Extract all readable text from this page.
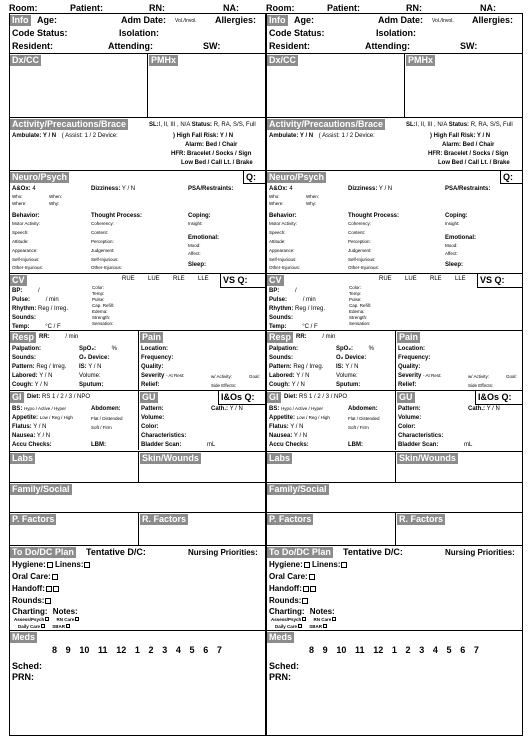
Room:	Patient:	RN:	NA:
Info Age:	Adm Date: Vol./Invol. Allergies:
Code Status:	Isolation:
Resident:	Attending:	SW:
Dx/CC	PMHx
Activity/Precautions/Brace	SL:I, II, III , N/A Status: R, RA, S/S, Full
Ambulate: Y / N ( Assist: 1 / 2 Device:	) High Fall Risk: Y / N
Alarm: Bed / Chair
HFR: Bracelet / Socks / Sign
Low Bed / Call Lt. / Brake
Neuro/Psych	Q:
A&Ox: 4
Who:	When:
Where:	Why:
Dizziness: Y / N	PSA/Restraints:
Behavior:
Motor Activity:
Speech:
Attitude:
Appearance:
Self-Injurious:
Other-Injurious:
Thought Process:
Coherency:
Content:
Perception:
Judgement:
Self-Injurious:
Other-Injurious:
Coping:
Insight:
Emotional:
Mood:
Affect:
Sleep:
CV	RUE LUE RLE LLE VS Q:
BP:	/
Pulse:	/ min
Rhythm: Reg / Irreg.
Sounds:
Temp:	°C / F
Color:
Temp:
Pulse:
Cap. Refill:
Edema:
Strength:
Sensation:
Resp RR:	/ min
Palpation:	SpO₂:	%
Sounds:	O₂ Device:
Pattern: Reg / Irreg. IS: Y / N
Labored: Y / N	Volume:
Cough: Y / N	Sputum:
Pain
Location:
Frequency:
Quality:
Severity - At Rest:	w/ Activity:	Goal:
Relief:	Side Effects:
GI Diet: RS 1 / 2 / 3 / NPO
BS: Hypo / Active / Hyper
Appetite: Low / Reg / High
Flatus: Y / N
Nausea: Y / N
Accu Checks:
Abdomen:
Flat / Distended
Soft / Firm
LBM:
GU	I&Os Q:
Pattern:	Cath.: Y / N
Volume:
Color:
Characteristics:
Bladder Scan:	mL
Labs	Skin/Wounds
Family/Social
P. Factors	R. Factors
To Do/DC Plan Tentative D/C:	Nursing Priorities:
Hygiene: Linens:
Oral Care:
Handoff:
Rounds:
Charting: Notes:
Assess/Psych	RN Care
Daily Care	SBAR
Meds
8 9 10 11 12 1 2 3 4 5 6 7
Sched:
PRN:
Room:	Patient:	RN:	NA:
Info Age:	Adm Date: Vol./Invol. Allergies:
Code Status:	Isolation:
Resident:	Attending:	SW:
Dx/CC	PMHx
Activity/Precautions/Brace	SL:I, II, III , N/A Status: R, RA, S/S, Full
Ambulate: Y / N ( Assist: 1 / 2 Device:	) High Fall Risk: Y / N
Alarm: Bed / Chair
HFR: Bracelet / Socks / Sign
Low Bed / Call Lt. / Brake
Neuro/Psych	Q:
A&Ox: 4
Who:	When:
Where:	Why:
Dizziness: Y / N	PSA/Restraints:
Behavior:
Motor Activity:
Speech:
Attitude:
Appearance:
Self-Injurious:
Other-Injurious:
Thought Process:
Coherency:
Content:
Perception:
Judgement:
Self-Injurious:
Other-Injurious:
Coping:
Insight:
Emotional:
Mood:
Affect:
Sleep:
CV	RUE LUE RLE LLE VS Q:
BP:	/
Pulse:	/ min
Rhythm: Reg / Irreg.
Sounds:
Temp:	°C / F
Color:
Temp:
Pulse:
Cap. Refill:
Edema:
Strength:
Sensation:
Resp RR:	/ min
Palpation:	SpO₂:	%
Sounds:	O₂ Device:
Pattern: Reg / Irreg. IS: Y / N
Labored: Y / N	Volume:
Cough: Y / N	Sputum:
Pain
Location:
Frequency:
Quality:
Severity - At Rest:	w/ Activity:	Goal:
Relief:	Side Effects:
GI Diet: RS 1 / 2 / 3 / NPO
BS: Hypo / Active / Hyper
Appetite: Low / Reg / High
Flatus: Y / N
Nausea: Y / N
Accu Checks:
Abdomen:
Flat / Distended
Soft / Firm
LBM:
GU	I&Os Q:
Pattern:	Cath.: Y / N
Volume:
Color:
Characteristics:
Bladder Scan:	mL
Labs	Skin/Wounds
Family/Social
P. Factors	R. Factors
To Do/DC Plan Tentative D/C:	Nursing Priorities:
Hygiene: Linens:
Oral Care:
Handoff:
Rounds:
Charting: Notes:
Assess/Psych	RN Care
Daily Care	SBAR
Meds
8 9 10 11 12 1 2 3 4 5 6 7
Sched:
PRN:
